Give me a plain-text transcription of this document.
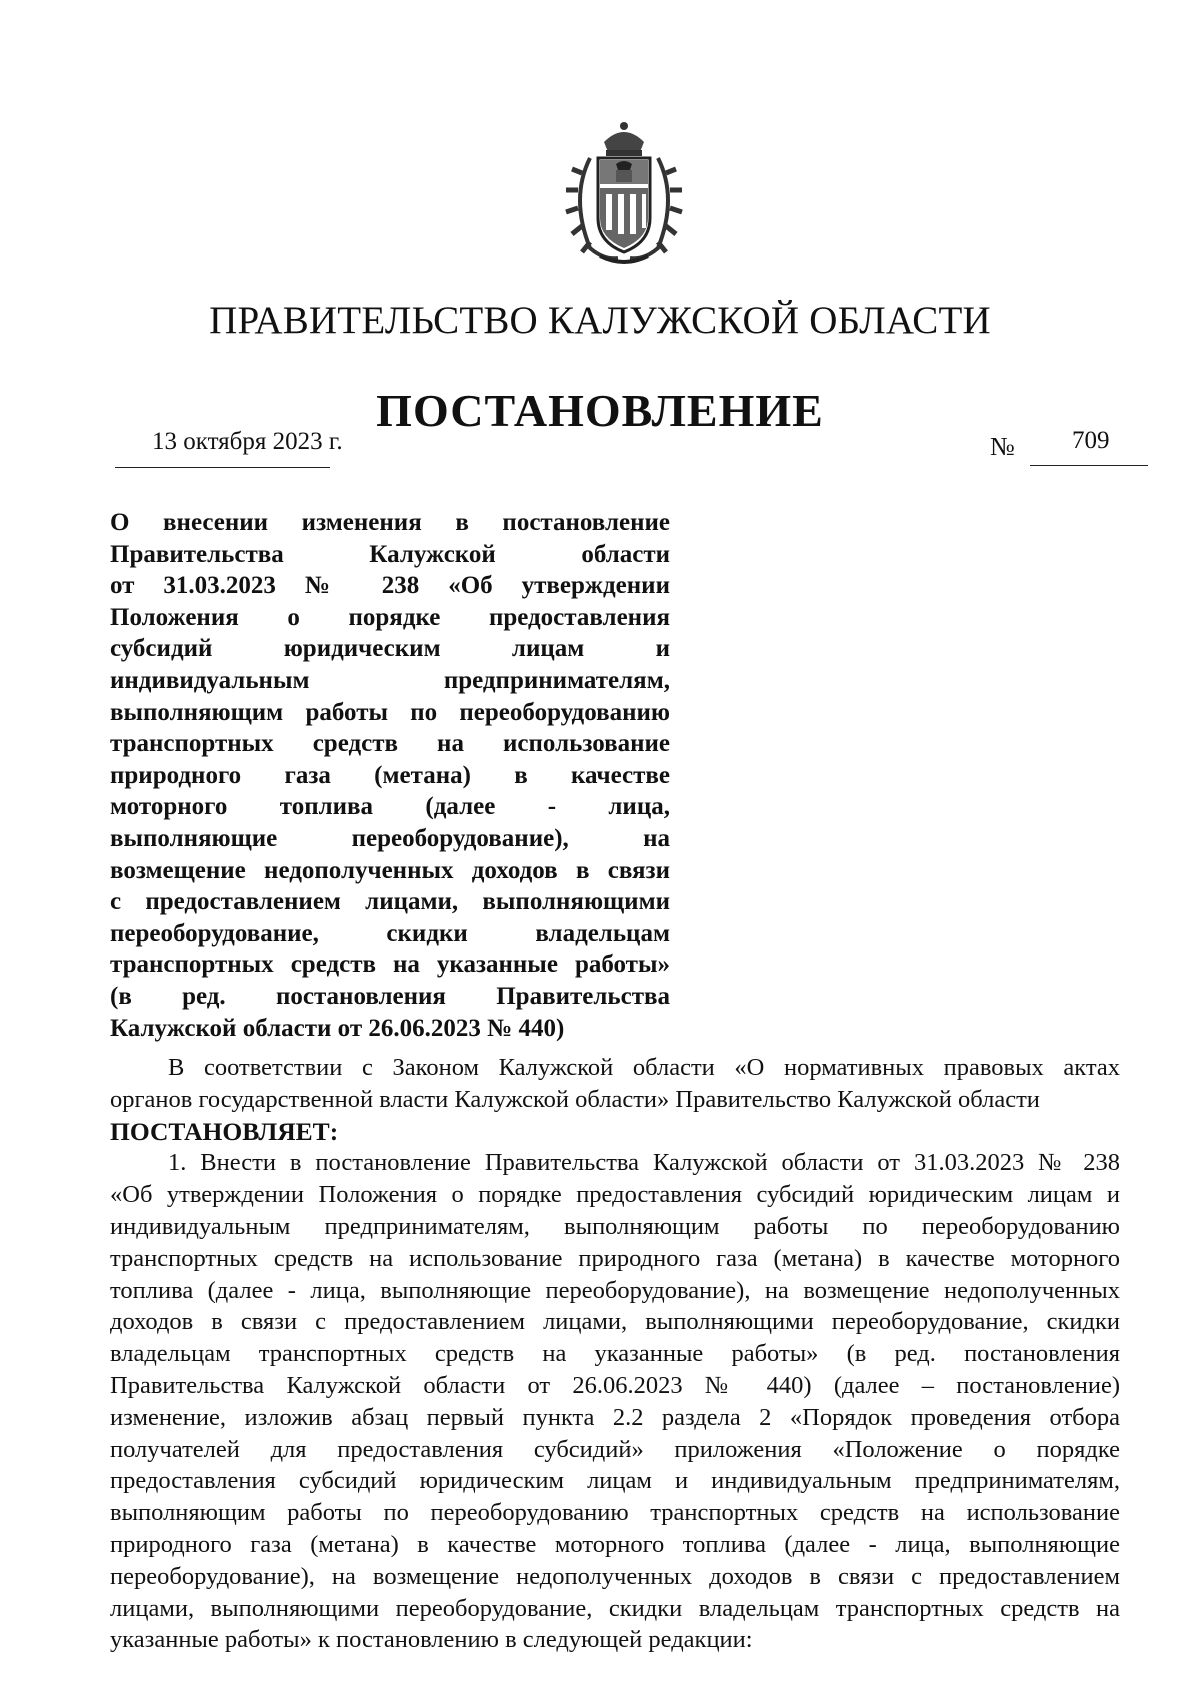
ПРАВИТЕЛЬСТВО КАЛУЖСКОЙ ОБЛАСТИ
ПОСТАНОВЛЕНИЕ
13 октября 2023 г.	№ 709
О внесении изменения в постановление
Правительства Калужской области
от 31.03.2023 № 238 «Об утверждении
Положения о порядке предоставления
субсидий юридическим лицам и
индивидуальным предпринимателям,
выполняющим работы по переоборудованию
транспортных средств на использование
природного газа (метана) в качестве
моторного топлива (далее - лица,
выполняющие переоборудование), на
возмещение недополученных доходов в связи
с предоставлением лицами, выполняющими
переоборудование, скидки владельцам
транспортных средств на указанные работы»
(в ред. постановления Правительства
Калужской области от 26.06.2023 № 440)
В соответствии с Законом Калужской области «О нормативных правовых актах
органов государственной власти Калужской области» Правительство Калужской области
ПОСТАНОВЛЯЕТ:
1. Внести в постановление Правительства Калужской области от 31.03.2023 № 238
«Об утверждении Положения о порядке предоставления субсидий юридическим лицам и
индивидуальным предпринимателям, выполняющим работы по переоборудованию
транспортных средств на использование природного газа (метана) в качестве моторного
топлива (далее - лица, выполняющие переоборудование), на возмещение недополученных
доходов в связи с предоставлением лицами, выполняющими переоборудование, скидки
владельцам транспортных средств на указанные работы» (в ред. постановления
Правительства Калужской области от 26.06.2023 № 440) (далее – постановление)
изменение, изложив абзац первый пункта 2.2 раздела 2 «Порядок проведения отбора
получателей для предоставления субсидий» приложения «Положение о порядке
предоставления субсидий юридическим лицам и индивидуальным предпринимателям,
выполняющим работы по переоборудованию транспортных средств на использование
природного газа (метана) в качестве моторного топлива (далее - лица, выполняющие
переоборудование), на возмещение недополученных доходов в связи с предоставлением
лицами, выполняющими переоборудование, скидки владельцам транспортных средств на
указанные работы» к постановлению в следующей редакции:
